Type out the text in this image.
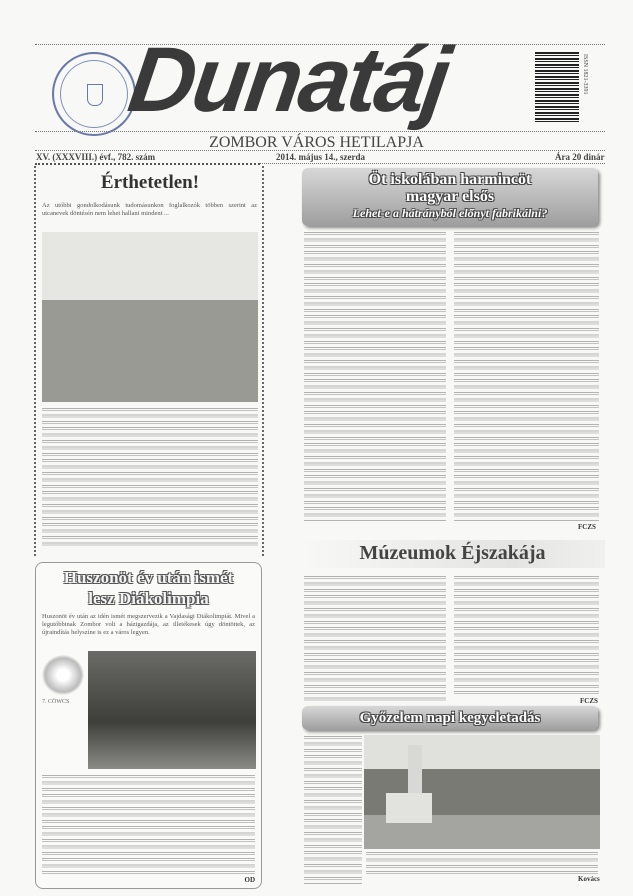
Dunatáj	ISSN 1821-3391
ZOMBOR VÁROS HETILAPJA
XV. (XXXVIII.) évf., 782. szám	2014. május 14., szerda	Ára 20 dinár
Érthetetlen!
Az utóbbi gondolkodásunk tudomásunkon foglalkozók többen szerint az utcanevek döntésén nem lehet hallani mindent ...
Huszonöt év után ismét
lesz Diákolimpia
Huszonöt év után az idén ismét megszervezik a Vajdasági Diákolimpiát. Mivel a legutóbbinak Zombor volt a házigazdája, az illetékesek úgy döntöttek, az újraindítás helyszíne is ez a város legyen.
7. CÖWCS
OD
Öt iskolában harmincöt
magyar elsős
Lehet-e a hátrányból előnyt fabrikálni?
FCZS
Múzeumok Éjszakája
FCZS
Győzelem napi kegyeletadás
Kovács
